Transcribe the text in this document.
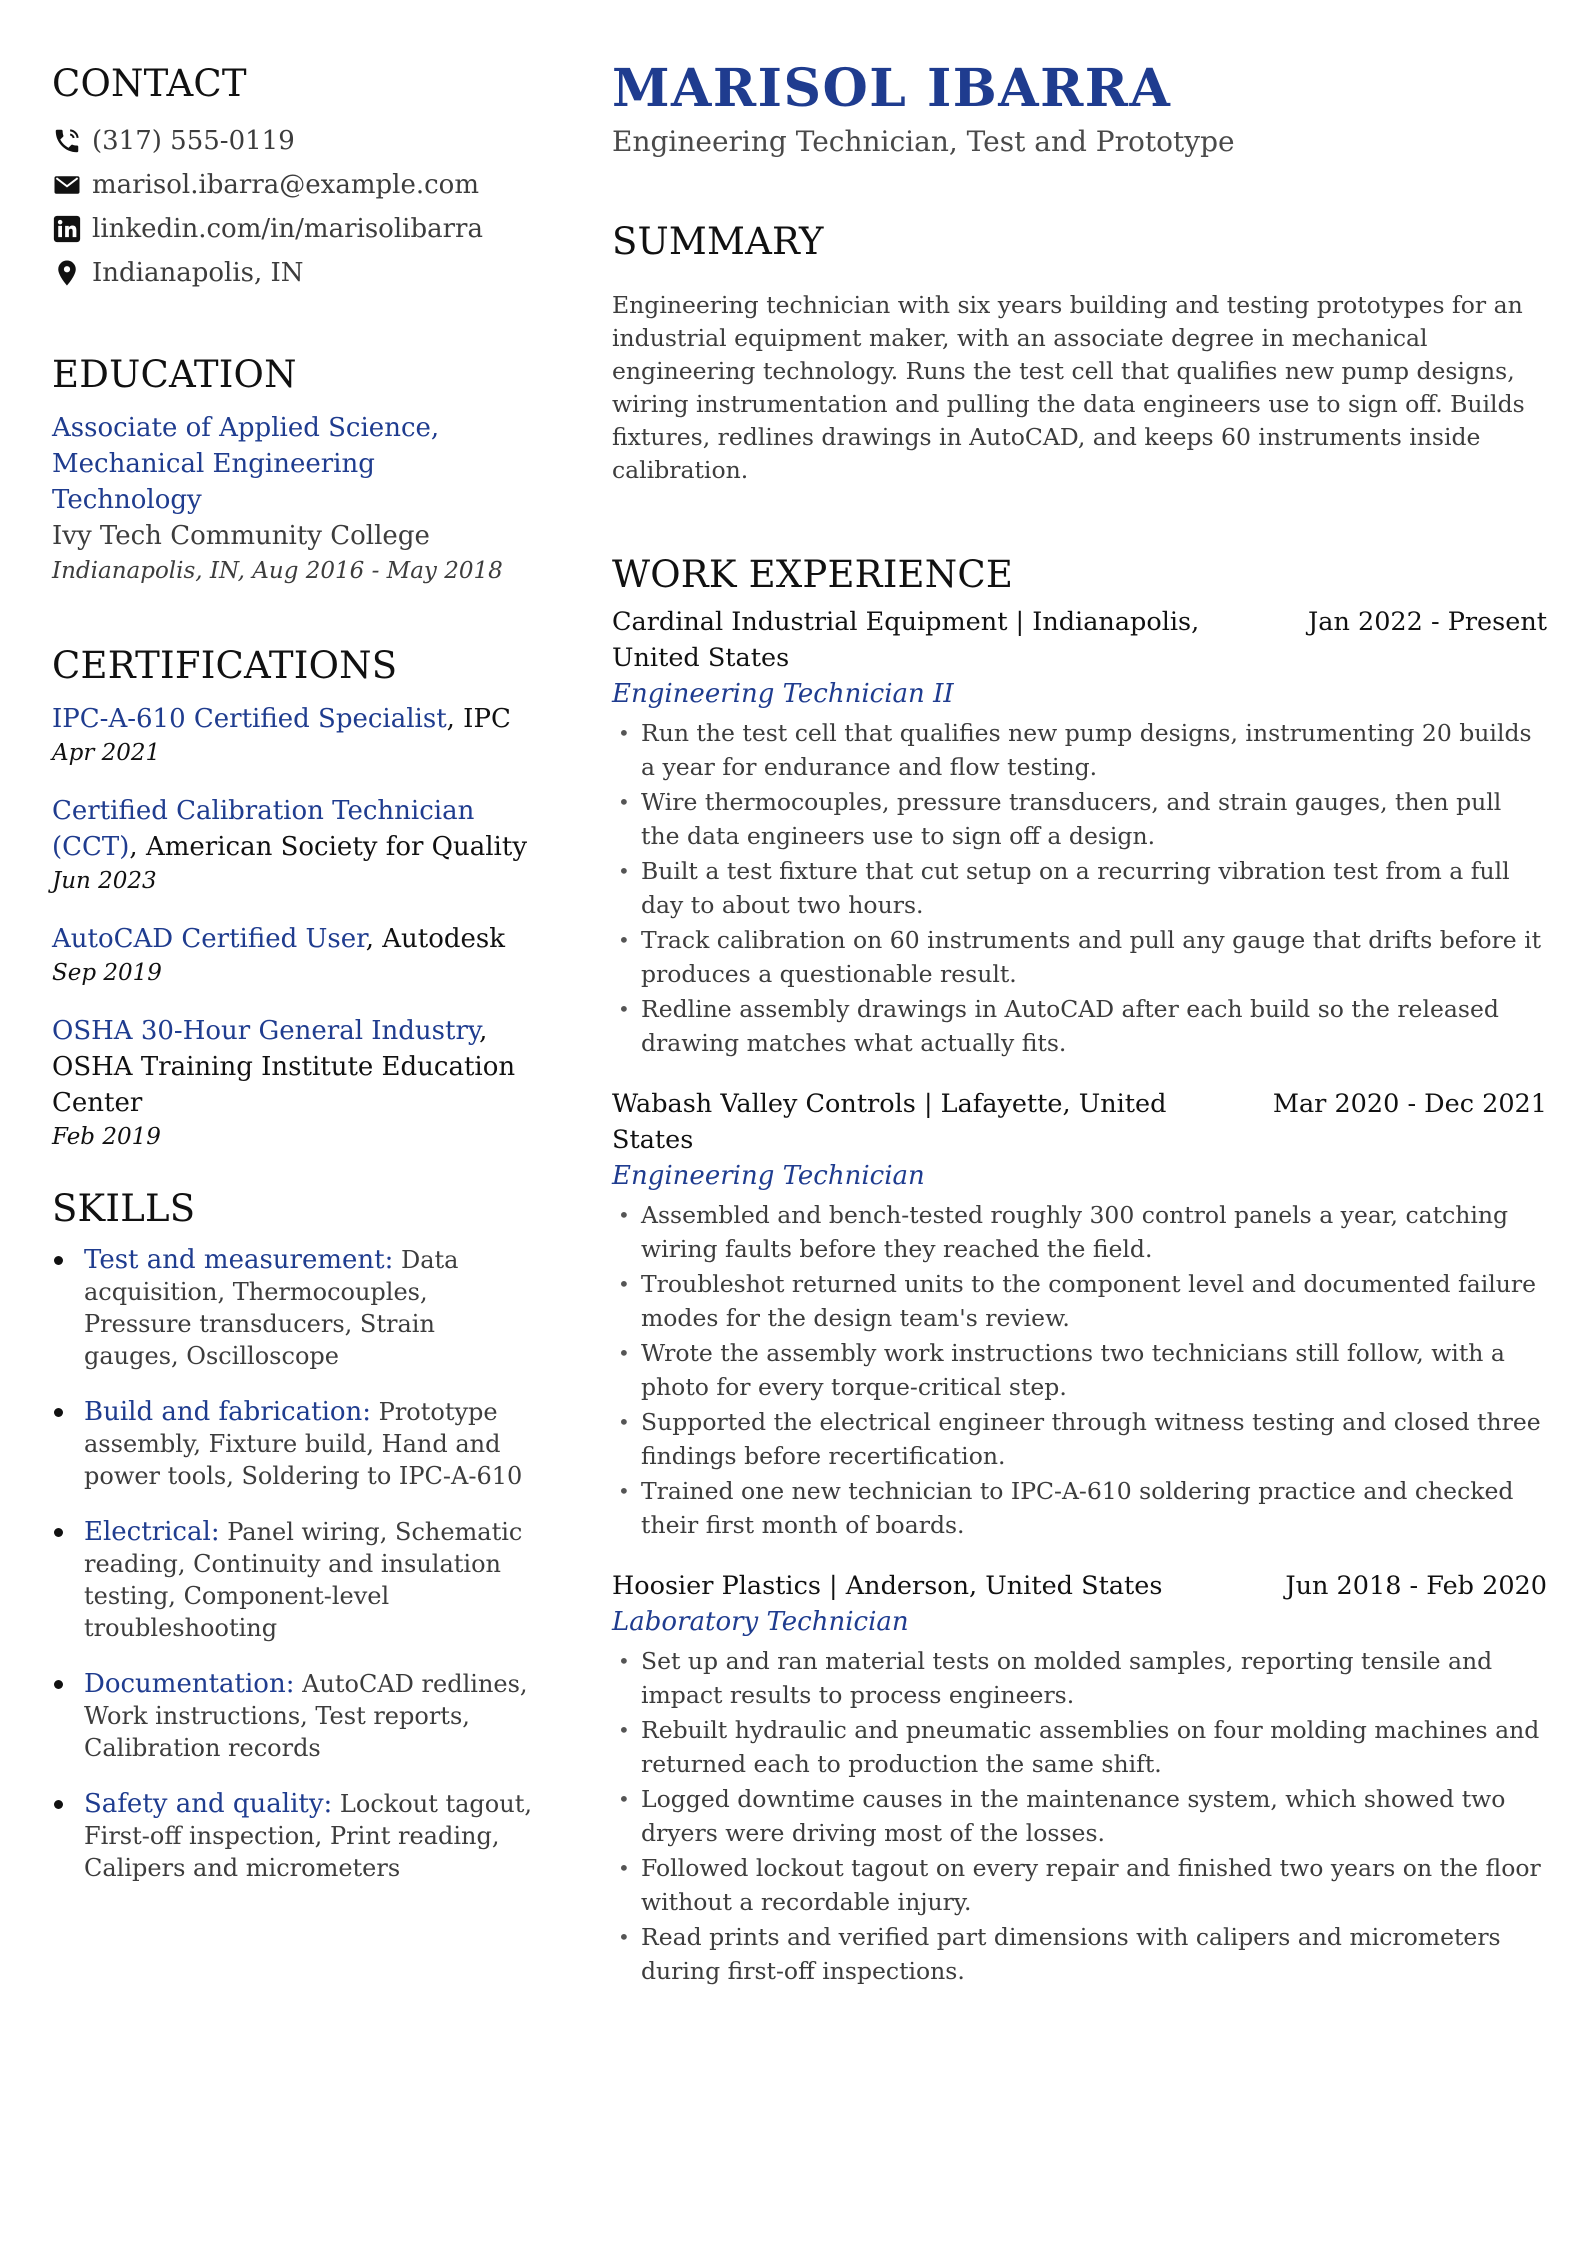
CONTACT
(317) 555-0119
marisol.ibarra@example.com
linkedin.com/in/marisolibarra
Indianapolis, IN
EDUCATION
Associate of Applied Science,
Mechanical Engineering Technology
Ivy Tech Community College
Indianapolis, IN, Aug 2016 - May 2018
CERTIFICATIONS
IPC-A-610 Certified Specialist, IPC
Apr 2021
Certified Calibration Technician (CCT), American Society for Quality
Jun 2023
AutoCAD Certified User, Autodesk
Sep 2019
OSHA 30-Hour General Industry, OSHA Training Institute Education Center
Feb 2019
SKILLS
Test and measurement: Data acquisition, Thermocouples, Pressure transducers, Strain gauges, Oscilloscope
Build and fabrication: Prototype assembly, Fixture build, Hand and power tools, Soldering to IPC-A-610
Electrical: Panel wiring, Schematic reading, Continuity and insulation testing, Component-level troubleshooting
Documentation: AutoCAD redlines, Work instructions, Test reports, Calibration records
Safety and quality: Lockout tagout, First-off inspection, Print reading, Calipers and micrometers
MARISOL IBARRA
Engineering Technician, Test and Prototype
SUMMARY

Engineering technician with six years building and testing prototypes for an industrial equipment maker, with an associate degree in mechanical engineering technology. Runs the test cell that qualifies new pump designs, wiring instrumentation and pulling the data engineers use to sign off. Builds fixtures, redlines drawings in AutoCAD, and keeps 60 instruments inside calibration.

WORK EXPERIENCE
Cardinal Industrial Equipment | Indianapolis, United States
Jan 2022 - Present
Engineering Technician II
• Run the test cell that qualifies new pump designs, instrumenting 20 builds a year for endurance and flow testing.
• Wire thermocouples, pressure transducers, and strain gauges, then pull the data engineers use to sign off a design.
• Built a test fixture that cut setup on a recurring vibration test from a full day to about two hours.
• Track calibration on 60 instruments and pull any gauge that drifts before it produces a questionable result.
• Redline assembly drawings in AutoCAD after each build so the released drawing matches what actually fits.
Wabash Valley Controls | Lafayette, United States
Mar 2020 - Dec 2021
Engineering Technician
• Assembled and bench-tested roughly 300 control panels a year, catching wiring faults before they reached the field.
• Troubleshot returned units to the component level and documented failure modes for the design team's review.
• Wrote the assembly work instructions two technicians still follow, with a photo for every torque-critical step.
• Supported the electrical engineer through witness testing and closed three findings before recertification.
• Trained one new technician to IPC-A-610 soldering practice and checked their first month of boards.
Hoosier Plastics | Anderson, United States	Jun 2018 - Feb 2020
Laboratory Technician
• Set up and ran material tests on molded samples, reporting tensile and impact results to process engineers.
• Rebuilt hydraulic and pneumatic assemblies on four molding machines and returned each to production the same shift.
• Logged downtime causes in the maintenance system, which showed two dryers were driving most of the losses.
• Followed lockout tagout on every repair and finished two years on the floor without a recordable injury.
• Read prints and verified part dimensions with calipers and micrometers during first-off inspections.
